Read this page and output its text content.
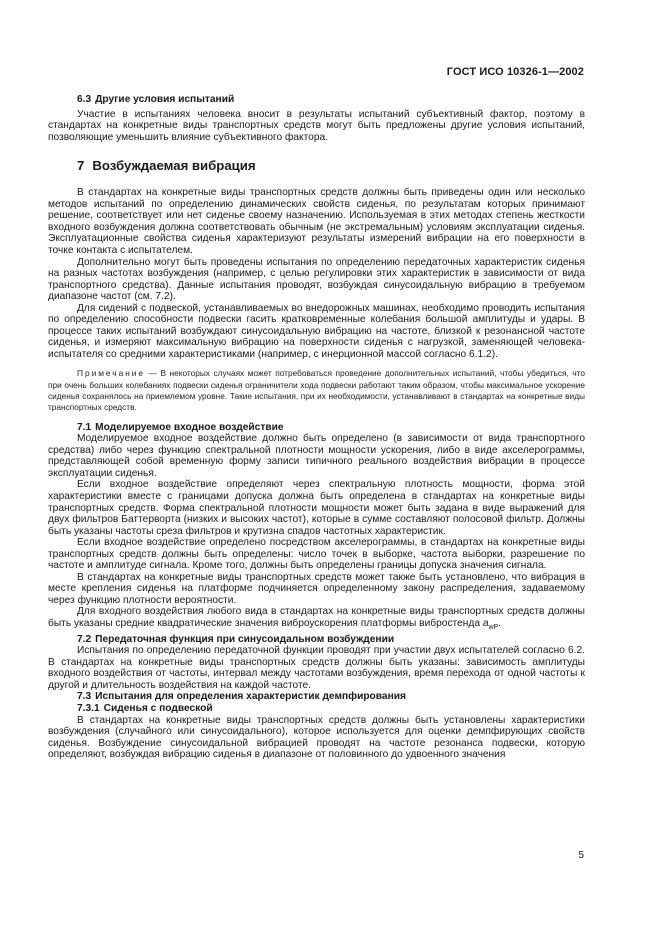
ГОСТ ИСО 10326-1—2002
6.3 Другие условия испытаний

Участие в испытаниях человека вносит в результаты испытаний субъективный фактор, поэтому в стандартах на конкретные виды транспортных средств могут быть предложены другие условия испытаний, позволяющие уменьшить влияние субъективного фактора.

7 Возбуждаемая вибрация

В стандартах на конкретные виды транспортных средств должны быть приведены один или несколько методов испытаний по определению динамических свойств сиденья, по результатам которых принимают решение, соответствует или нет сиденье своему назначению. Используемая в этих методах степень жесткости входного возбуждения должна соответствовать обычным (не экстремальным) условиям эксплуатации сиденья. Эксплуатационные свойства сиденья характеризуют результаты измерений вибрации на его поверхности в точке контакта с испытателем.

Дополнительно могут быть проведены испытания по определению передаточных характеристик сиденья на разных частотах возбуждения (например, с целью регулировки этих характеристик в зависимости от вида транспортного средства). Данные испытания проводят, возбуждая синусоидальную вибрацию в требуемом диапазоне частот (см. 7.2).

Для сидений с подвеской, устанавливаемых во внедорожных машинах, необходимо проводить испытания по определению способности подвески гасить кратковременные колебания большой амплитуды и удары. В процессе таких испытаний возбуждают синусоидальную вибрацию на частоте, близкой к резонансной частоте сиденья, и измеряют максимальную вибрацию на поверхности сиденья с нагрузкой, заменяющей человека-испытателя со средними характеристиками (например, с инерционной массой согласно 6.1.2).

Примечание — В некоторых случаях может потребоваться проведение дополнительных испытаний, чтобы убедиться, что при очень больших колебаниях подвески сиденья ограничители хода подвески работают таким образом, чтобы максимальное ускорение сиденья сохранялось на приемлемом уровне. Такие испытания, при их необходимости, устанавливают в стандартах на конкретные виды транспортных средств.

7.1 Моделируемое входное воздействие

Моделируемое входное воздействие должно быть определено (в зависимости от вида транспортного средства) либо через функцию спектральной плотности мощности ускорения, либо в виде акселерограммы, представляющей собой временную форму записи типичного реального воздействия вибрации в процессе эксплуатации сиденья.

Если входное воздействие определяют через спектральную плотность мощности, форма этой характеристики вместе с границами допуска должна быть определена в стандартах на конкретные виды транспортных средств. Форма спектральной плотности мощности может быть задана в виде выражений для двух фильтров Баттерворта (низких и высоких частот), которые в сумме составляют полосовой фильтр. Должны быть указаны частоты среза фильтров и крутизна спадов частотных характеристик.

Если входное воздействие определено посредством акселерограммы, в стандартах на конкретные виды транспортных средств должны быть определены: число точек в выборке, частота выборки, разрешение по частоте и амплитуде сигнала. Кроме того, должны быть определены границы допуска значения сигнала.

В стандартах на конкретные виды транспортных средств может также быть установлено, что вибрация в месте крепления сиденья на платформе подчиняется определенному закону распределения, задаваемому через функцию плотности вероятности.

Для входного воздействия любого вида в стандартах на конкретные виды транспортных средств должны быть указаны средние квадратические значения виброускорения платформы вибростенда $a_{wP}$.

7.2 Передаточная функция при синусоидальном возбуждении

Испытания по определению передаточной функции проводят при участии двух испытателей согласно 6.2. В стандартах на конкретные виды транспортных средств должны быть указаны: зависимость амплитуды входного воздействия от частоты, интервал между частотами возбуждения, время перехода от одной частоты к другой и длительность воздействия на каждой частоте.

7.3 Испытания для определения характеристик демпфирования
7.3.1 Сиденья с подвеской

В стандартах на конкретные виды транспортных средств должны быть установлены характеристики возбуждения (случайного или синусоидального), которое используется для оценки демпфирующих свойств сиденья. Возбуждение синусоидальной вибрацией проводят на частоте резонанса подвески, которую определяют, возбуждая вибрацию сиденья в диапазоне от половинного до удвоенного значения

5
